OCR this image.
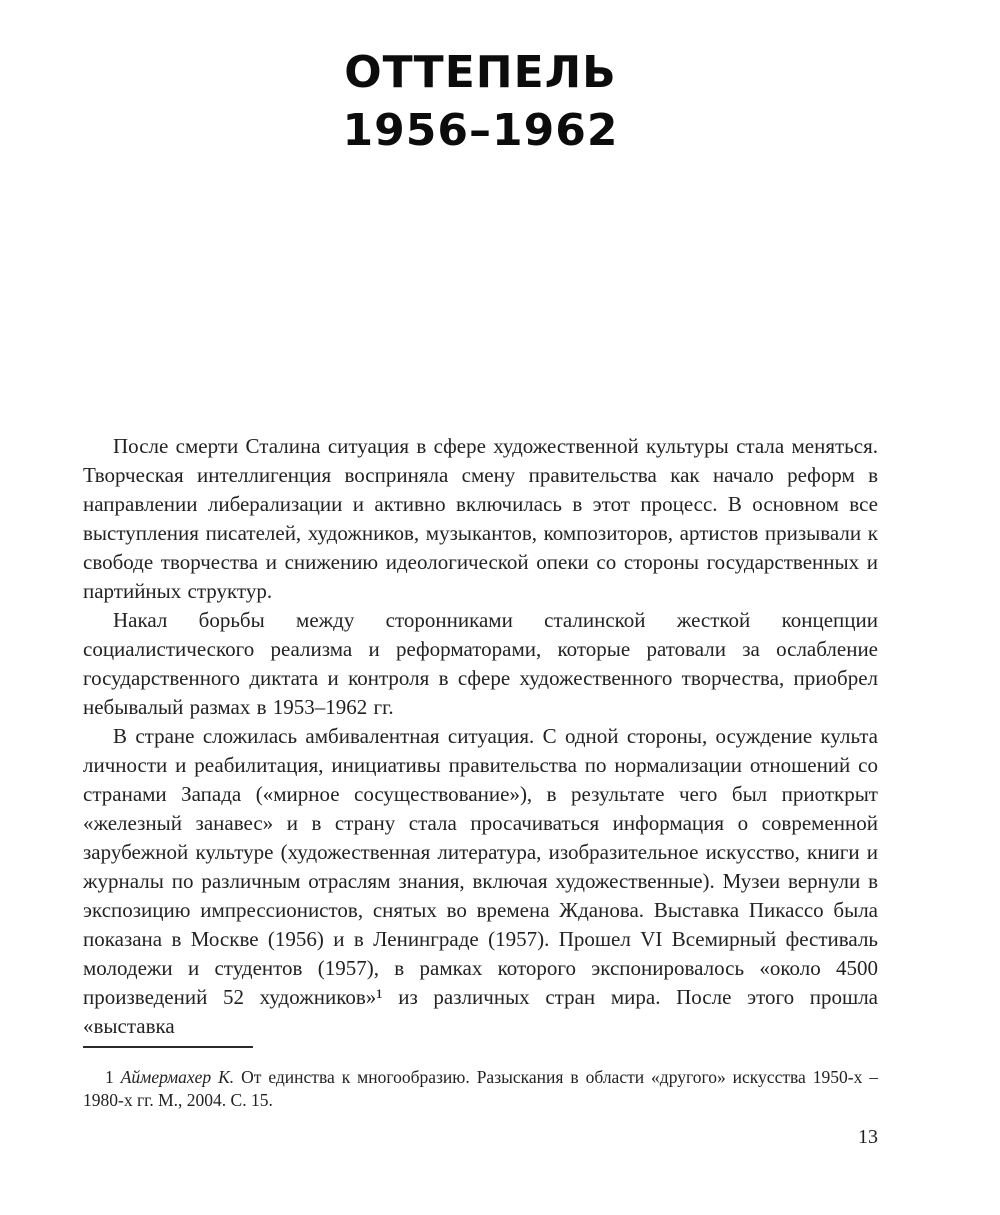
ОТТЕПЕЛЬ
1956–1962

После смерти Сталина ситуация в сфере художественной культуры стала меняться. Творческая интеллигенция восприняла смену правительства как начало реформ в направлении либерализации и активно включилась в этот процесс. В основном все выступления писателей, художников, музыкантов, композиторов, артистов призывали к свободе творчества и снижению идеологической опеки со стороны государственных и партийных структур.

Накал борьбы между сторонниками сталинской жесткой концепции социалистического реализма и реформаторами, которые ратовали за ослабление государственного диктата и контроля в сфере художественного творчества, приобрел небывалый размах в 1953–1962 гг.

В стране сложилась амбивалентная ситуация. С одной стороны, осуждение культа личности и реабилитация, инициативы правительства по нормализации отношений со странами Запада («мирное сосуществование»), в результате чего был приоткрыт «железный занавес» и в страну стала просачиваться информация о современной зарубежной культуре (художественная литература, изобразительное искусство, книги и журналы по различным отраслям знания, включая художественные). Музеи вернули в экспозицию импрессионистов, снятых во времена Жданова. Выставка Пикассо была показана в Москве (1956) и в Ленинграде (1957). Прошел VI Всемирный фестиваль молодежи и студентов (1957), в рамках которого экспонировалось «около 4500 произведений 52 художников»¹ из различных стран мира. После этого прошла «выставка

1 Аймермахер К. От единства к многообразию. Разыскания в области «другого» искусства 1950-х – 1980-х гг. М., 2004. С. 15.
13
